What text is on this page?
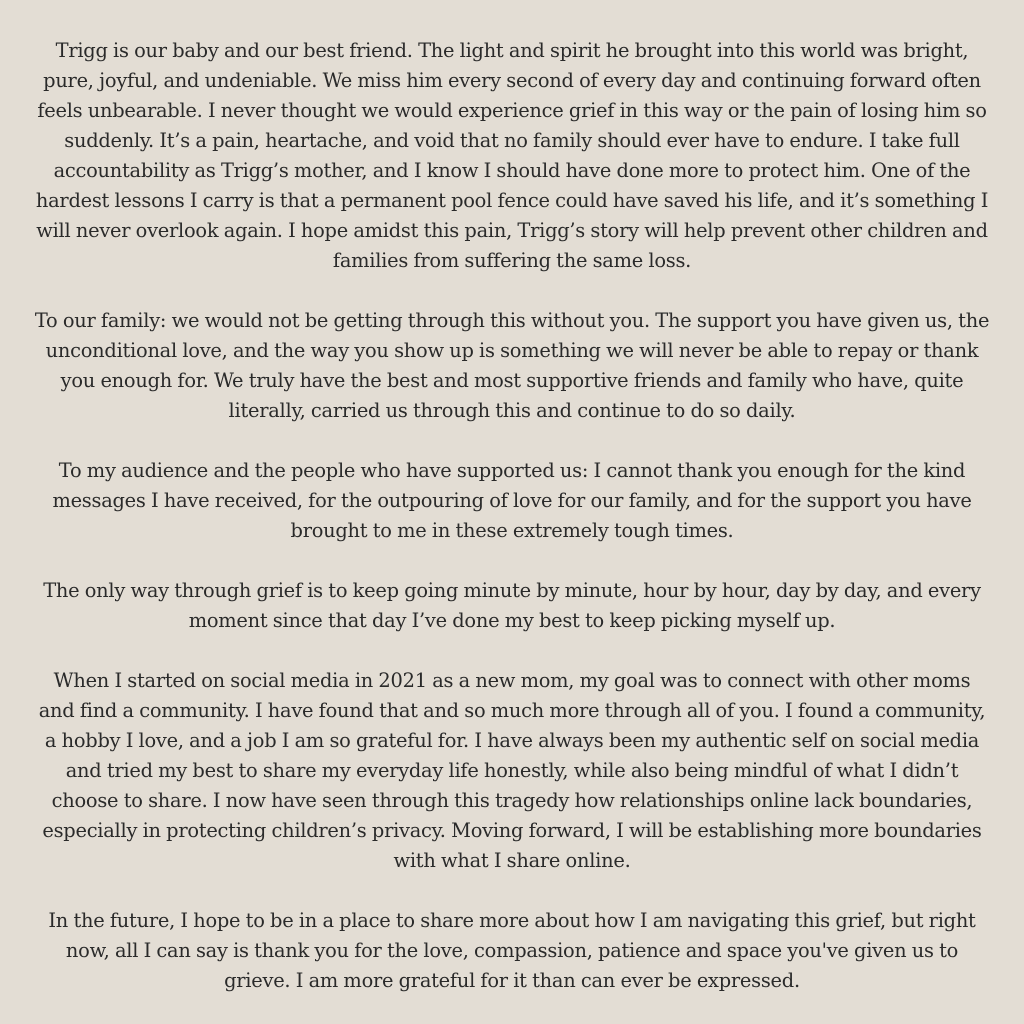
Trigg is our baby and our best friend. The light and spirit he brought into this world was bright, pure, joyful, and undeniable. We miss him every second of every day and continuing forward often feels unbearable. I never thought we would experience grief in this way or the pain of losing him so suddenly. It’s a pain, heartache, and void that no family should ever have to endure. I take full accountability as Trigg’s mother, and I know I should have done more to protect him. One of the hardest lessons I carry is that a permanent pool fence could have saved his life, and it’s something I will never overlook again. I hope amidst this pain, Trigg’s story will help prevent other children and families from suffering the same loss.

To our family: we would not be getting through this without you. The support you have given us, the unconditional love, and the way you show up is something we will never be able to repay or thank you enough for. We truly have the best and most supportive friends and family who have, quite literally, carried us through this and continue to do so daily.

To my audience and the people who have supported us: I cannot thank you enough for the kind messages I have received, for the outpouring of love for our family, and for the support you have brought to me in these extremely tough times.

The only way through grief is to keep going minute by minute, hour by hour, day by day, and every moment since that day I’ve done my best to keep picking myself up.

When I started on social media in 2021 as a new mom, my goal was to connect with other moms and find a community. I have found that and so much more through all of you. I found a community, a hobby I love, and a job I am so grateful for. I have always been my authentic self on social media and tried my best to share my everyday life honestly, while also being mindful of what I didn’t choose to share. I now have seen through this tragedy how relationships online lack boundaries, especially in protecting children’s privacy. Moving forward, I will be establishing more boundaries with what I share online.

In the future, I hope to be in a place to share more about how I am navigating this grief, but right now, all I can say is thank you for the love, compassion, patience and space you've given us to grieve. I am more grateful for it than can ever be expressed.
